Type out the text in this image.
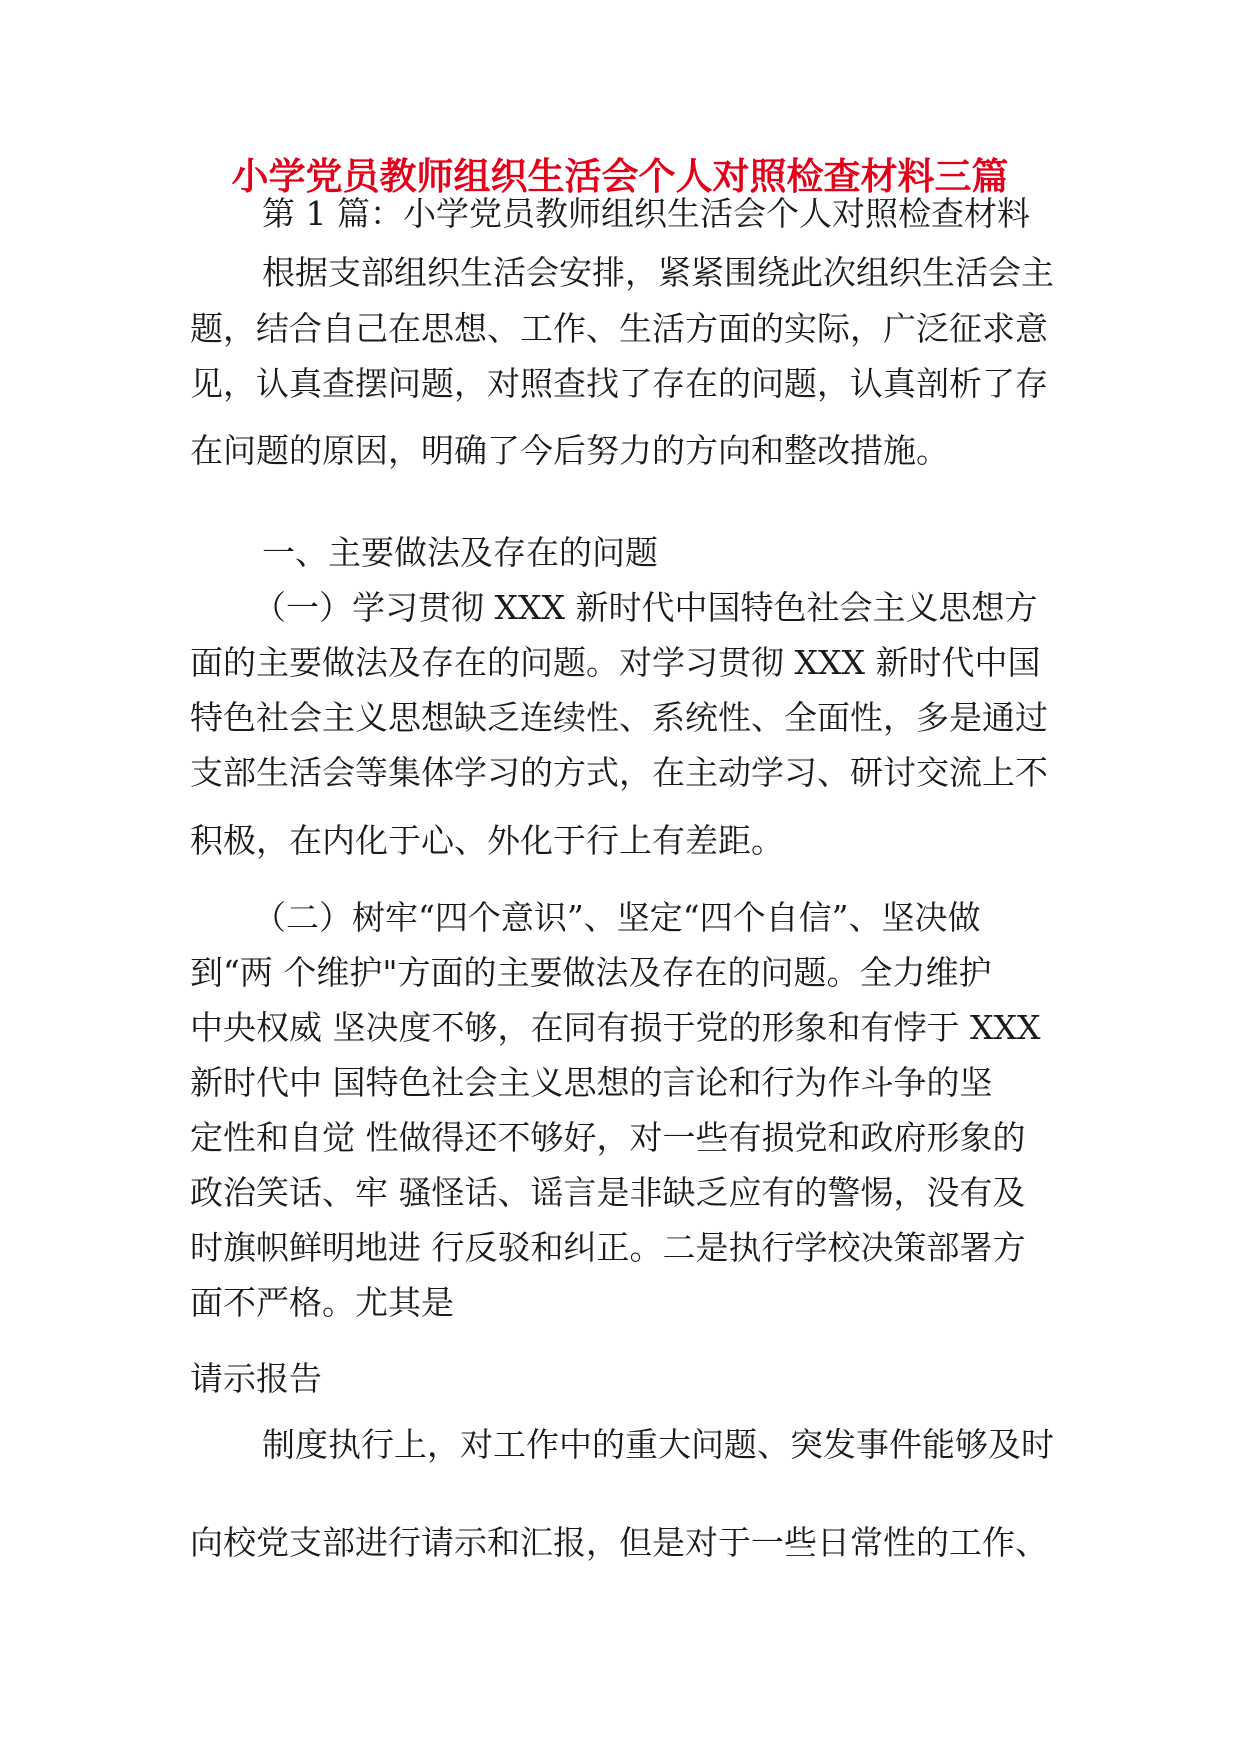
小学党员教师组织生活会个人对照检查材料三篇
第 1 篇：小学党员教师组织生活会个人对照检查材料
根据支部组织生活会安排，紧紧围绕此次组织生活会主
题，结合自己在思想、工作、生活方面的实际，广泛征求意
见，认真查摆问题，对照查找了存在的问题，认真剖析了存
在问题的原因，明确了今后努力的方向和整改措施。
一、主要做法及存在的问题
（一）学习贯彻 XXX 新时代中国特色社会主义思想方
面的主要做法及存在的问题。对学习贯彻 XXX 新时代中国
特色社会主义思想缺乏连续性、系统性、全面性，多是通过
支部生活会等集体学习的方式，在主动学习、研讨交流上不
积极，在内化于心、外化于行上有差距。
（二）树牢“四个意识”、坚定“四个自信”、坚决做
到“两 个维护"方面的主要做法及存在的问题。全力维护
中央权威 坚决度不够，在同有损于党的形象和有悖于 XXX
新时代中 国特色社会主义思想的言论和行为作斗争的坚
定性和自觉 性做得还不够好，对一些有损党和政府形象的
政治笑话、牢 骚怪话、谣言是非缺乏应有的警惕，没有及
时旗帜鲜明地进 行反驳和纠正。二是执行学校决策部署方
面不严格。尤其是
请示报告
制度执行上，对工作中的重大问题、突发事件能够及时
向校党支部进行请示和汇报，但是对于一些日常性的工作、
